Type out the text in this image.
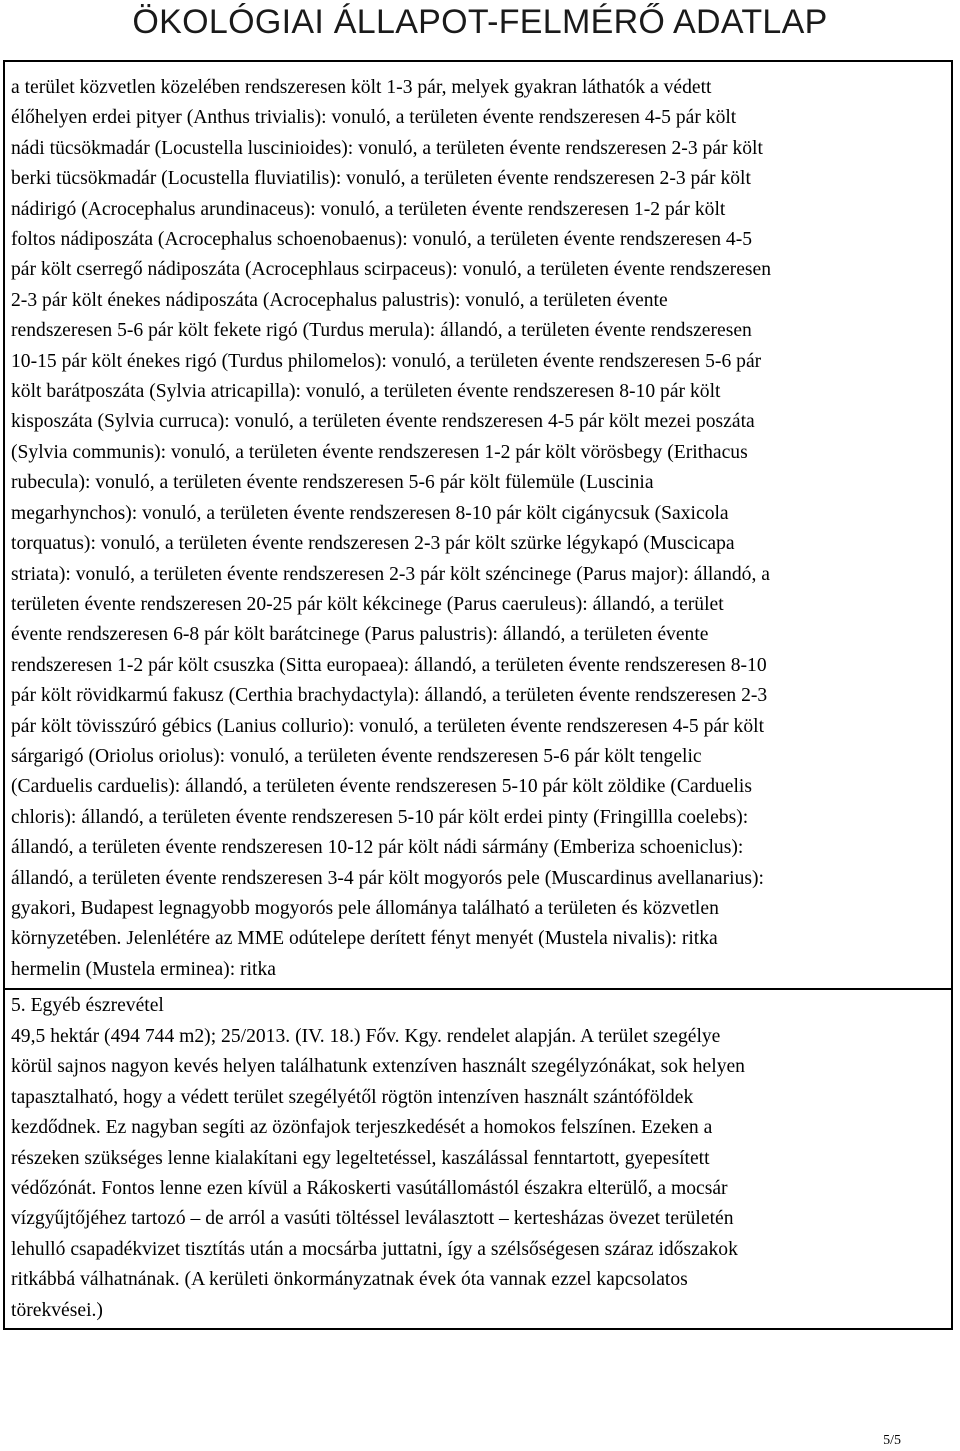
ÖKOLÓGIAI ÁLLAPOT-FELMÉRŐ ADATLAP

a terület közvetlen közelében rendszeresen költ 1-3 pár, melyek gyakran láthatók a védett
élőhelyen erdei pityer (Anthus trivialis): vonuló, a területen évente rendszeresen 4-5 pár költ
nádi tücsökmadár (Locustella luscinioides): vonuló, a területen évente rendszeresen 2-3 pár költ
berki tücsökmadár (Locustella fluviatilis): vonuló, a területen évente rendszeresen 2-3 pár költ
nádirigó (Acrocephalus arundinaceus): vonuló, a területen évente rendszeresen 1-2 pár költ
foltos nádiposzáta (Acrocephalus schoenobaenus): vonuló, a területen évente rendszeresen 4-5
pár költ cserregő nádiposzáta (Acrocephlaus scirpaceus): vonuló, a területen évente rendszeresen
2-3 pár költ énekes nádiposzáta (Acrocephalus palustris): vonuló, a területen évente
rendszeresen 5-6 pár költ fekete rigó (Turdus merula): állandó, a területen évente rendszeresen
10-15 pár költ énekes rigó (Turdus philomelos): vonuló, a területen évente rendszeresen 5-6 pár
költ barátposzáta (Sylvia atricapilla): vonuló, a területen évente rendszeresen 8-10 pár költ
kisposzáta (Sylvia curruca): vonuló, a területen évente rendszeresen 4-5 pár költ mezei poszáta
(Sylvia communis): vonuló, a területen évente rendszeresen 1-2 pár költ vörösbegy (Erithacus
rubecula): vonuló, a területen évente rendszeresen 5-6 pár költ fülemüle (Luscinia
megarhynchos): vonuló, a területen évente rendszeresen 8-10 pár költ cigánycsuk (Saxicola
torquatus): vonuló, a területen évente rendszeresen 2-3 pár költ szürke légykapó (Muscicapa
striata): vonuló, a területen évente rendszeresen 2-3 pár költ széncinege (Parus major): állandó, a
területen évente rendszeresen 20-25 pár költ kékcinege (Parus caeruleus): állandó, a terület
évente rendszeresen 6-8 pár költ barátcinege (Parus palustris): állandó, a területen évente
rendszeresen 1-2 pár költ csuszka (Sitta europaea): állandó, a területen évente rendszeresen 8-10
pár költ rövidkarmú fakusz (Certhia brachydactyla): állandó, a területen évente rendszeresen 2-3
pár költ tövisszúró gébics (Lanius collurio): vonuló, a területen évente rendszeresen 4-5 pár költ
sárgarigó (Oriolus oriolus): vonuló, a területen évente rendszeresen 5-6 pár költ tengelic
(Carduelis carduelis): állandó, a területen évente rendszeresen 5-10 pár költ zöldike (Carduelis
chloris): állandó, a területen évente rendszeresen 5-10 pár költ erdei pinty (Fringillla coelebs):
állandó, a területen évente rendszeresen 10-12 pár költ nádi sármány (Emberiza schoeniclus):
állandó, a területen évente rendszeresen 3-4 pár költ mogyorós pele (Muscardinus avellanarius):
gyakori, Budapest legnagyobb mogyorós pele állománya található a területen és közvetlen
környzetében. Jelenlétére az MME odútelepe derített fényt menyét (Mustela nivalis): ritka
hermelin (Mustela erminea): ritka

5. Egyéb észrevétel

49,5 hektár (494 744 m2); 25/2013. (IV. 18.) Főv. Kgy. rendelet alapján. A terület szegélye
körül sajnos nagyon kevés helyen találhatunk extenzíven használt szegélyzónákat, sok helyen
tapasztalható, hogy a védett terület szegélyétől rögtön intenzíven használt szántóföldek
kezdődnek. Ez nagyban segíti az özönfajok terjeszkedését a homokos felszínen. Ezeken a
részeken szükséges lenne kialakítani egy legeltetéssel, kaszálással fenntartott, gyepesített
védőzónát. Fontos lenne ezen kívül a Rákoskerti vasútállomástól északra elterülő, a mocsár
vízgyűjtőjéhez tartozó – de arról a vasúti töltéssel leválasztott – kertesházas övezet területén
lehulló csapadékvizet tisztítás után a mocsárba juttatni, így a szélsőségesen száraz időszakok
ritkábbá válhatnának. (A kerületi önkormányzatnak évek óta vannak ezzel kapcsolatos
törekvései.)

5/5
